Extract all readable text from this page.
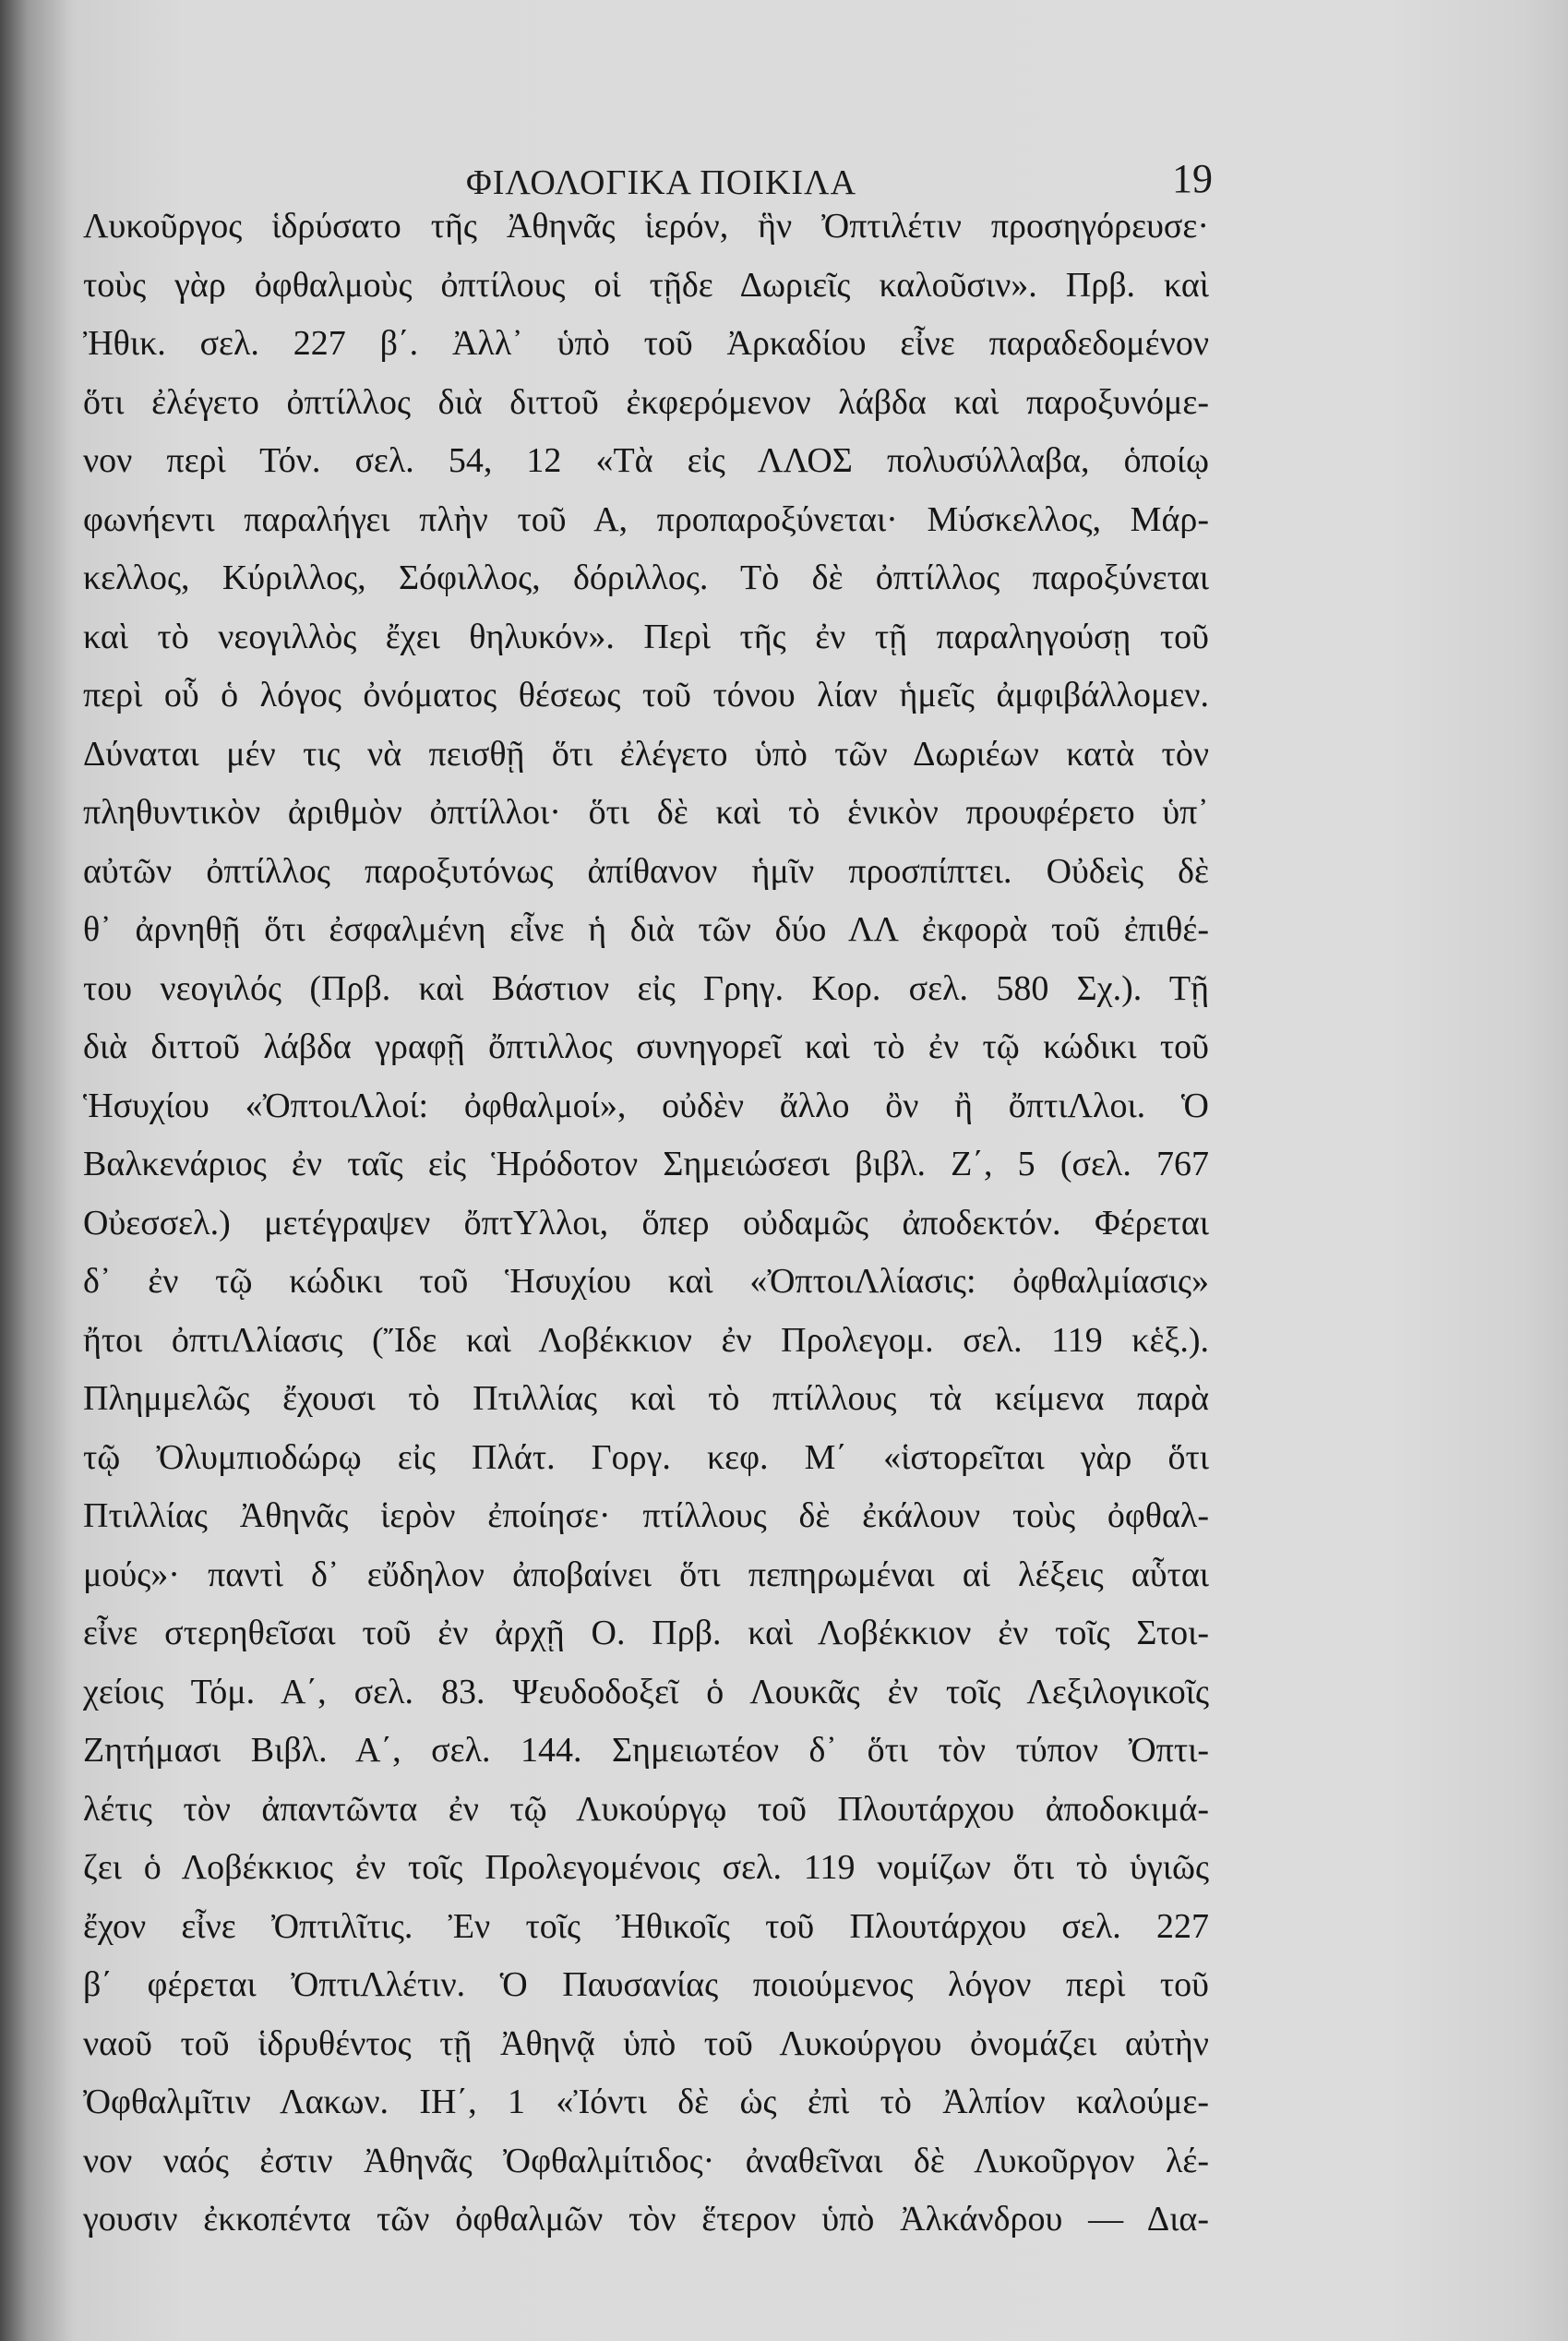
ΦΙΛΟΛΟΓΙΚΑ ΠΟΙΚΙΛΑ	19
Λυκοῦργος ἱδρύσατο τῆς Ἀθηνᾶς ἱερόν, ἣν Ὀπτιλέτιν προσηγόρευσε·
τοὺς γὰρ ὀφθαλμοὺς ὀπτίλους οἱ τῇδε Δωριεῖς καλοῦσιν». Πρβ. καὶ
Ἠθικ. σελ. 227 β΄. Ἀλλ᾽ ὑπὸ τοῦ Ἀρκαδίου εἶνε παραδεδομένον
ὅτι ἐλέγετο ὀπτίλλος διὰ διττοῦ ἐκφερόμενον λάβδα καὶ παροξυνόμε-
νον περὶ Τόν. σελ. 54, 12 «Τὰ εἰς ΛΛΟΣ πολυσύλλαβα, ὁποίῳ
φωνήεντι παραλήγει πλὴν τοῦ Α, προπαροξύνεται· Μύσκελλος, Μάρ-
κελλος, Κύριλλος, Σόφιλλος, δόριλλος. Τὸ δὲ ὀπτίλλος παροξύνεται
καὶ τὸ νεογιλλὸς ἔχει θηλυκόν». Περὶ τῆς ἐν τῇ παραληγούσῃ τοῦ
περὶ οὗ ὁ λόγος ὀνόματος θέσεως τοῦ τόνου λίαν ἡμεῖς ἀμφιβάλλομεν.
Δύναται μέν τις νὰ πεισθῇ ὅτι ἐλέγετο ὑπὸ τῶν Δωριέων κατὰ τὸν
πληθυντικὸν ἀριθμὸν ὀπτίλλοι· ὅτι δὲ καὶ τὸ ἑνικὸν προυφέρετο ὑπ᾽
αὐτῶν ὀπτίλλος παροξυτόνως ἀπίθανον ἡμῖν προσπίπτει. Οὐδεὶς δὲ
θ᾽ ἀρνηθῇ ὅτι ἐσφαλμένη εἶνε ἡ διὰ τῶν δύο ΛΛ ἐκφορὰ τοῦ ἐπιθέ-
του νεογιλός (Πρβ. καὶ Βάστιον εἰς Γρηγ. Κορ. σελ. 580 Σχ.). Τῇ
διὰ διττοῦ λάβδα γραφῇ ὄπτιλλος συνηγορεῖ καὶ τὸ ἐν τῷ κώδικι τοῦ
Ἡσυχίου «ὈπτοιΛλοί: ὀφθαλμοί», οὐδὲν ἄλλο ὂν ἢ ὄπτιΛλοι. Ὁ
Βαλκενάριος ἐν ταῖς εἰς Ἡρόδοτον Σημειώσεσι βιβλ. Ζ΄, 5 (σελ. 767
Οὐεσσελ.) μετέγραψεν ὄπτΥλλοι, ὅπερ οὐδαμῶς ἀποδεκτόν. Φέρεται
δ᾽ ἐν τῷ κώδικι τοῦ Ἡσυχίου καὶ «ὈπτοιΛλίασις: ὀφθαλμίασις»
ἤτοι ὀπτιΛλίασις (Ἴδε καὶ Λοβέκκιον ἐν Προλεγομ. σελ. 119 κἑξ.).
Πλημμελῶς ἔχουσι τὸ Πτιλλίας καὶ τὸ πτίλλους τὰ κείμενα παρὰ
τῷ Ὀλυμπιοδώρῳ εἰς Πλάτ. Γοργ. κεφ. Μ΄ «ἱστορεῖται γὰρ ὅτι
Πτιλλίας Ἀθηνᾶς ἱερὸν ἐποίησε· πτίλλους δὲ ἐκάλουν τοὺς ὀφθαλ-
μούς»· παντὶ δ᾽ εὔδηλον ἀποβαίνει ὅτι πεπηρωμέναι αἱ λέξεις αὗται
εἶνε στερηθεῖσαι τοῦ ἐν ἀρχῇ Ο. Πρβ. καὶ Λοβέκκιον ἐν τοῖς Στοι-
χείοις Τόμ. Α΄, σελ. 83. Ψευδοδοξεῖ ὁ Λουκᾶς ἐν τοῖς Λεξιλογικοῖς
Ζητήμασι Βιβλ. Α΄, σελ. 144. Σημειωτέον δ᾽ ὅτι τὸν τύπον Ὀπτι-
λέτις τὸν ἀπαντῶντα ἐν τῷ Λυκούργῳ τοῦ Πλουτάρχου ἀποδοκιμά-
ζει ὁ Λοβέκκιος ἐν τοῖς Προλεγομένοις σελ. 119 νομίζων ὅτι τὸ ὑγιῶς
ἔχον εἶνε Ὀπτιλῖτις. Ἐν τοῖς Ἠθικοῖς τοῦ Πλουτάρχου σελ. 227
β΄ φέρεται ὈπτιΛλέτιν. Ὁ Παυσανίας ποιούμενος λόγον περὶ τοῦ
ναοῦ τοῦ ἱδρυθέντος τῇ Ἀθηνᾷ ὑπὸ τοῦ Λυκούργου ὀνομάζει αὐτὴν
Ὀφθαλμῖτιν Λακων. ΙΗ΄, 1 «Ἰόντι δὲ ὡς ἐπὶ τὸ Ἀλπίον καλούμε-
νον ναός ἐστιν Ἀθηνᾶς Ὀφθαλμίτιδος· ἀναθεῖναι δὲ Λυκοῦργον λέ-
γουσιν ἐκκοπέντα τῶν ὀφθαλμῶν τὸν ἕτερον ὑπὸ Ἀλκάνδρου — Δια-
